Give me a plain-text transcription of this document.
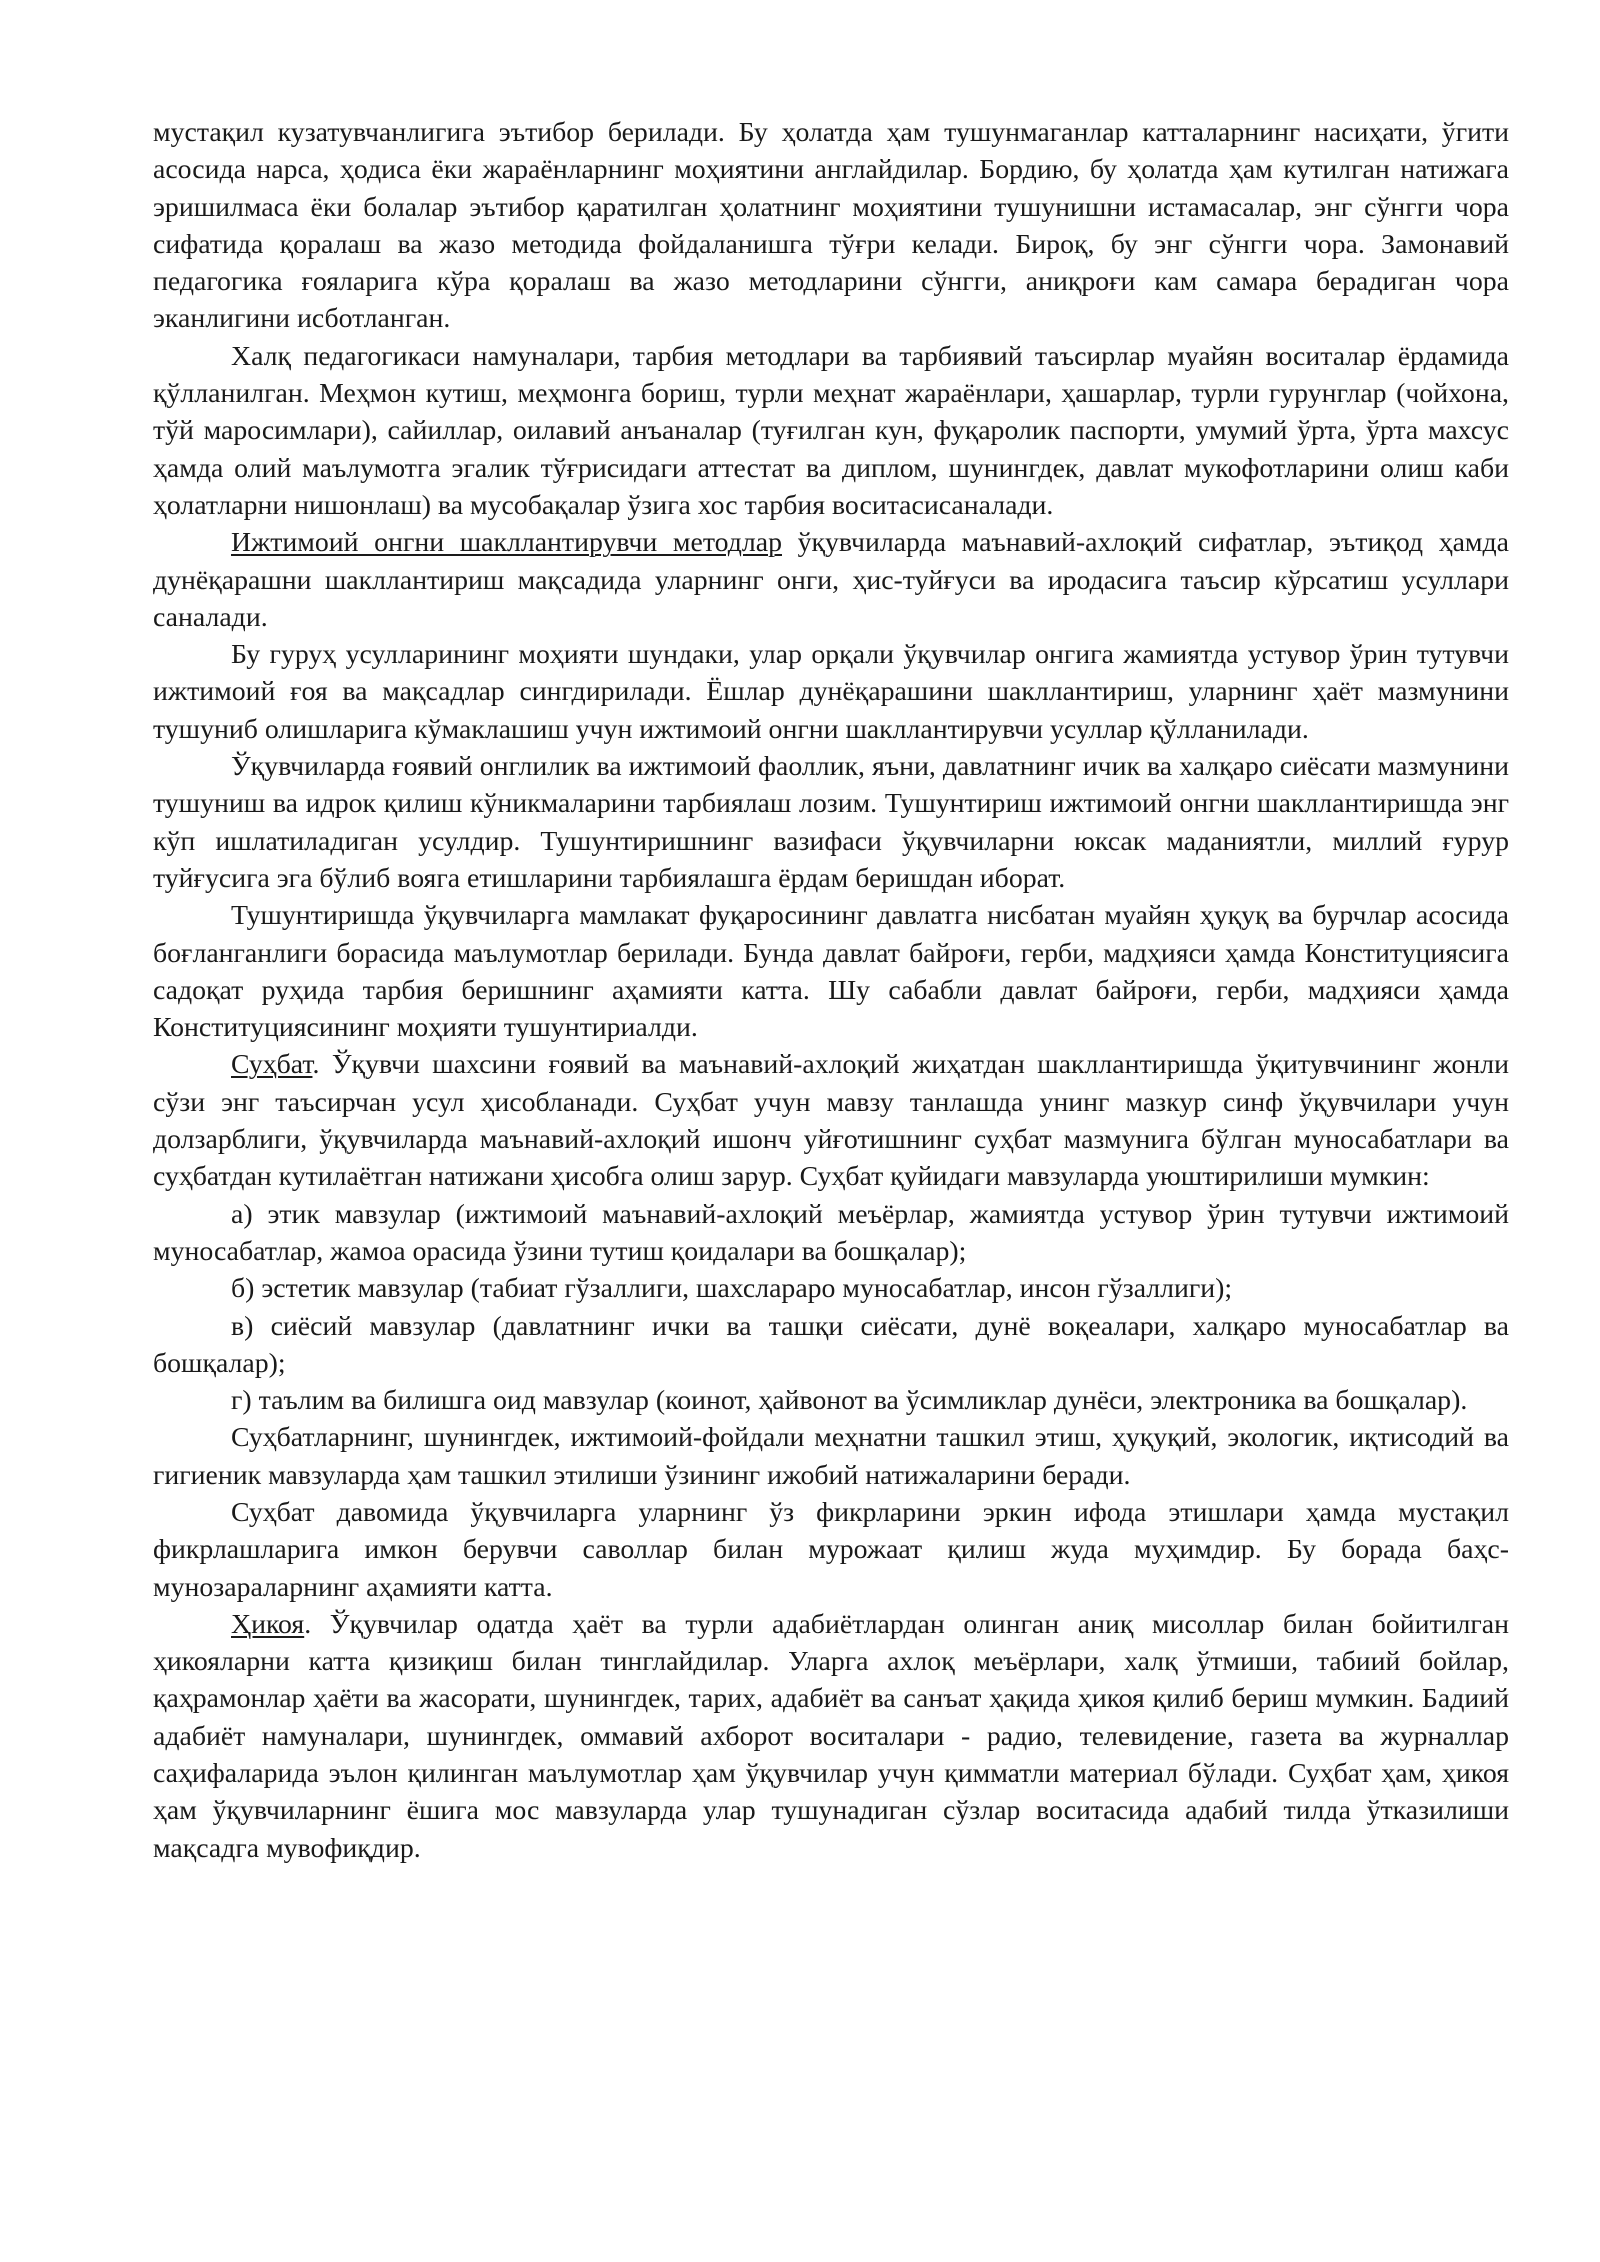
мустақил кузатувчанлигига эътибор берилади. Бу ҳолатда ҳам тушунмаганлар катталарнинг насиҳати, ўгити асосида нарса, ҳодиса ёки жараёнларнинг моҳиятини англайдилар. Бордию, бу ҳолатда ҳам кутилган натижага эришилмаса ёки болалар эътибор қаратилган ҳолатнинг моҳиятини тушунишни истамасалар, энг сўнгги чора сифатида қоралаш ва жазо методида фойдаланишга тўғри келади. Бироқ, бу энг сўнгги чора. Замонавий педагогика ғояларига кўра қоралаш ва жазо методларини сўнгги, аниқроғи кам самара берадиган чора эканлигини исботланган.

Халқ педагогикаси намуналари, тарбия методлари ва тарбиявий таъсирлар муайян воситалар ёрдамида қўлланилган. Меҳмон кутиш, меҳмонга бориш, турли меҳнат жараёнлари, ҳашарлар, турли гурунглар (чойхона, тўй маросимлари), сайиллар, оилавий анъаналар (туғилган кун, фуқаролик паспорти, умумий ўрта, ўрта махсус ҳамда олий маълумотга эгалик тўғрисидаги аттестат ва диплом, шунингдек, давлат мукофотларини олиш каби ҳолатларни нишонлаш) ва мусобақалар ўзига хос тарбия воситасисаналади.

Ижтимоий онгни шакллантирувчи методлар ўқувчиларда маънавий-ахлоқий сифатлар, эътиқод ҳамда дунёқарашни шакллантириш мақсадида уларнинг онги, ҳис-туйғуси ва иродасига таъсир кўрсатиш усуллари саналади.

Бу гуруҳ усулларининг моҳияти шундаки, улар орқали ўқувчилар онгига жамиятда устувор ўрин тутувчи ижтимоий ғоя ва мақсадлар сингдирилади. Ёшлар дунёқарашини шакллантириш, уларнинг ҳаёт мазмунини тушуниб олишларига кўмаклашиш учун ижтимоий онгни шакллантирувчи усуллар қўлланилади.

Ўқувчиларда ғоявий онглилик ва ижтимоий фаоллик, яъни, давлатнинг ичик ва халқаро сиёсати мазмунини тушуниш ва идрок қилиш кўникмаларини тарбиялаш лозим. Тушунтириш ижтимоий онгни шакллантиришда энг кўп ишлатиладиган усулдир. Тушунтиришнинг вазифаси ўқувчиларни юксак маданиятли, миллий ғурур туйғусига эга бўлиб вояга етишларини тарбиялашга ёрдам беришдан иборат.

Тушунтиришда ўқувчиларга мамлакат фуқаросининг давлатга нисбатан муайян ҳуқуқ ва бурчлар асосида боғланганлиги борасида маълумотлар берилади. Бунда давлат байроғи, герби, мадҳияси ҳамда Конституциясига садоқат руҳида тарбия беришнинг аҳамияти катта. Шу сабабли давлат байроғи, герби, мадҳияси ҳамда Конституциясининг моҳияти тушунтириалди.

Суҳбат. Ўқувчи шахсини ғоявий ва маънавий-ахлоқий жиҳатдан шакллантиришда ўқитувчининг жонли сўзи энг таъсирчан усул ҳисобланади. Суҳбат учун мавзу танлашда унинг мазкур синф ўқувчилари учун долзарблиги, ўқувчиларда маънавий-ахлоқий ишонч уйғотишнинг суҳбат мазмунига бўлган муносабатлари ва суҳбатдан кутилаётган натижани ҳисобга олиш зарур. Суҳбат қуйидаги мавзуларда уюштирилиши мумкин:

а) этик мавзулар (ижтимоий маънавий-ахлоқий меъёрлар, жамиятда устувор ўрин тутувчи ижтимоий муносабатлар, жамоа орасида ўзини тутиш қоидалари ва бошқалар);

б) эстетик мавзулар (табиат гўзаллиги, шахслараро муносабатлар, инсон гўзаллиги);

в) сиёсий мавзулар (давлатнинг ички ва ташқи сиёсати, дунё воқеалари, халқаро муносабатлар ва бошқалар);

г) таълим ва билишга оид мавзулар (коинот, ҳайвонот ва ўсимликлар дунёси, электроника ва бошқалар).

Суҳбатларнинг, шунингдек, ижтимоий-фойдали меҳнатни ташкил этиш, ҳуқуқий, экологик, иқтисодий ва гигиеник мавзуларда ҳам ташкил этилиши ўзининг ижобий натижаларини беради.

Суҳбат давомида ўқувчиларга уларнинг ўз фикрларини эркин ифода этишлари ҳамда мустақил фикрлашларига имкон берувчи саволлар билан мурожаат қилиш жуда муҳимдир. Бу борада баҳс-мунозараларнинг аҳамияти катта.

Ҳикоя. Ўқувчилар одатда ҳаёт ва турли адабиётлардан олинган аниқ мисоллар билан бойитилган ҳикояларни катта қизиқиш билан тинглайдилар. Уларга ахлоқ меъёрлари, халқ ўтмиши, табиий бойлар, қаҳрамонлар ҳаёти ва жасорати, шунингдек, тарих, адабиёт ва санъат ҳақида ҳикоя қилиб бериш мумкин. Бадиий адабиёт намуналари, шунингдек, оммавий ахборот воситалари - радио, телевидение, газета ва журналлар саҳифаларида эълон қилинган маълумотлар ҳам ўқувчилар учун қимматли материал бўлади. Суҳбат ҳам, ҳикоя ҳам ўқувчиларнинг ёшига мос мавзуларда улар тушунадиган сўзлар воситасида адабий тилда ўтказилиши мақсадга мувофиқдир.
